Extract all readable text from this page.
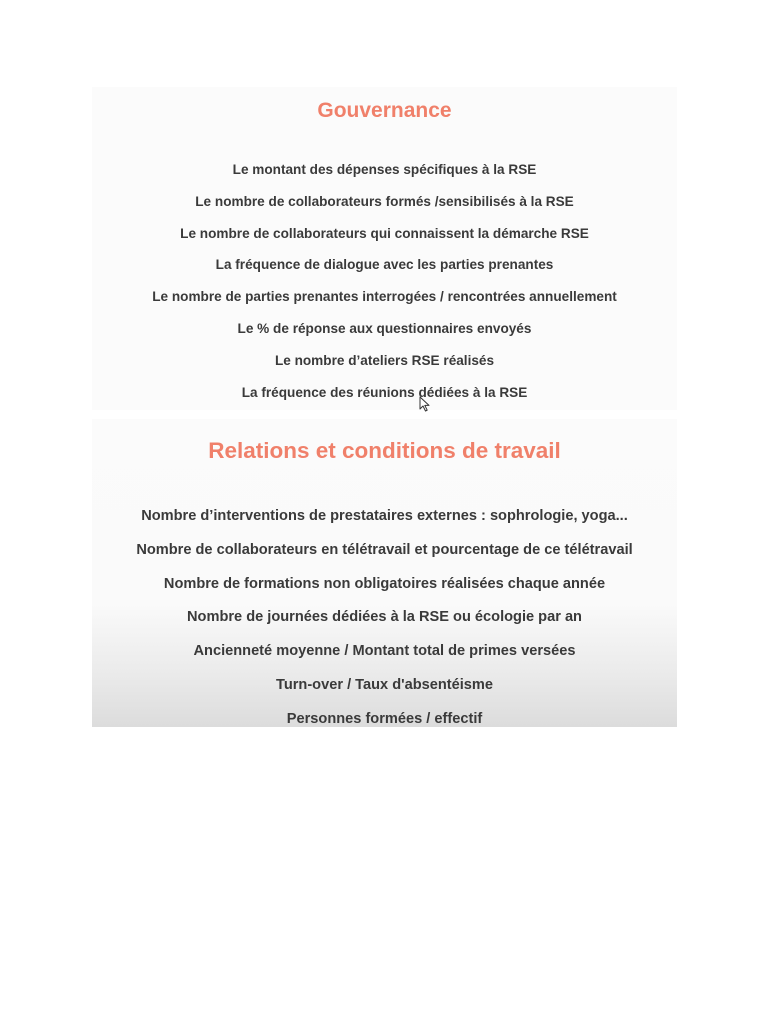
Gouvernance
Le montant des dépenses spécifiques à la RSE
Le nombre de collaborateurs formés /sensibilisés à la RSE
Le nombre de collaborateurs qui connaissent la démarche RSE
La fréquence de dialogue avec les parties prenantes
Le nombre de parties prenantes interrogées / rencontrées annuellement
Le % de réponse aux questionnaires envoyés
Le nombre d’ateliers RSE réalisés
La fréquence des réunions dédiées à la RSE
Relations et conditions de travail
Nombre d’interventions de prestataires externes : sophrologie, yoga...
Nombre de collaborateurs en télétravail et pourcentage de ce télétravail
Nombre de formations non obligatoires réalisées chaque année
Nombre de journées dédiées à la RSE ou écologie par an
Ancienneté moyenne / Montant total de primes versées
Turn-over / Taux d'absentéisme
Personnes formées / effectif
